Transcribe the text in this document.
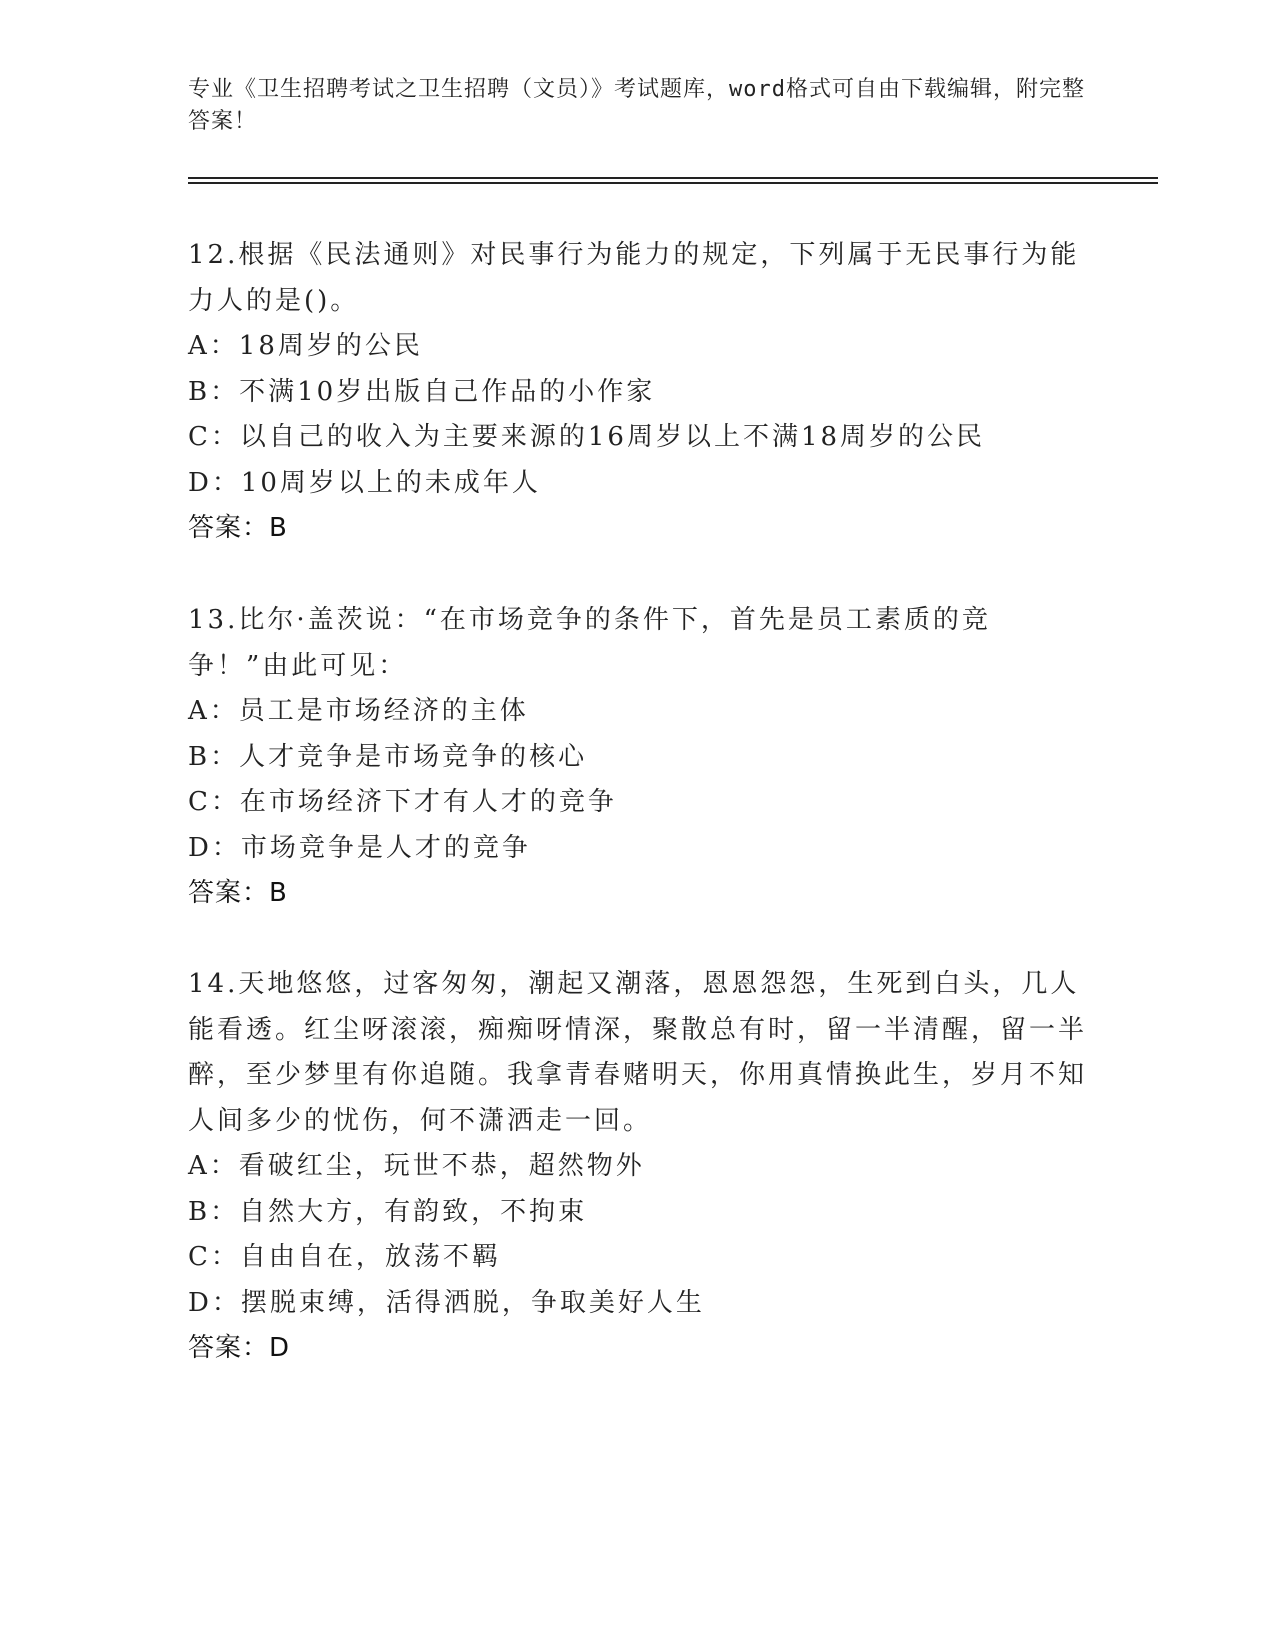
专业《卫生招聘考试之卫生招聘（文员）》考试题库，word格式可自由下载编辑，附完整答案！
12.根据《民法通则》对民事行为能力的规定，下列属于无民事行为能力人的是()。
A：18周岁的公民
B：不满10岁出版自己作品的小作家
C：以自己的收入为主要来源的16周岁以上不满18周岁的公民
D：10周岁以上的未成年人
答案：B
13.比尔·盖茨说：“在市场竞争的条件下，首先是员工素质的竞争！”由此可见：
A：员工是市场经济的主体
B：人才竞争是市场竞争的核心
C：在市场经济下才有人才的竞争
D：市场竞争是人才的竞争
答案：B
14.天地悠悠，过客匆匆，潮起又潮落，恩恩怨怨，生死到白头，几人能看透。红尘呀滚滚，痴痴呀情深，聚散总有时，留一半清醒，留一半醉，至少梦里有你追随。我拿青春赌明天，你用真情换此生，岁月不知人间多少的忧伤，何不潇洒走一回。
A：看破红尘，玩世不恭，超然物外
B：自然大方，有韵致，不拘束
C：自由自在，放荡不羁
D：摆脱束缚，活得洒脱，争取美好人生
答案：D
